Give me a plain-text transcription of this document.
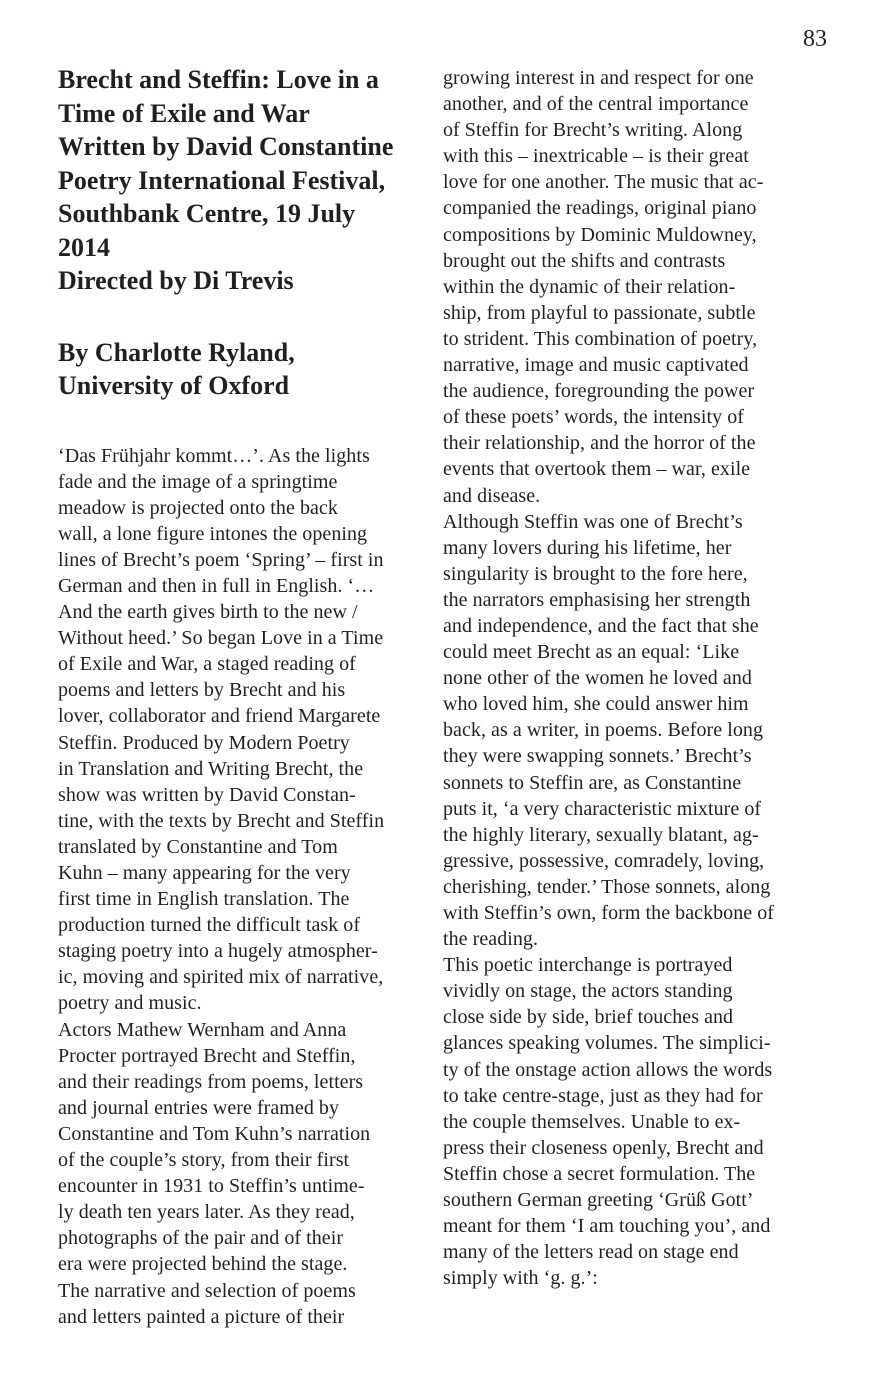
83
Brecht and Steffin: Love in a
Time of Exile and War
Written by David Constantine
Poetry International Festival,
Southbank Centre, 19 July
2014
Directed by Di Trevis
By Charlotte Ryland,
University of Oxford
‘Das Frühjahr kommt…’. As the lights
fade and the image of a springtime
meadow is projected onto the back
wall, a lone figure intones the opening
lines of Brecht’s poem ‘Spring’ – first in
German and then in full in English. ‘…
And the earth gives birth to the new /
Without heed.’ So began Love in a Time
of Exile and War, a staged reading of
poems and letters by Brecht and his
lover, collaborator and friend Margarete
Steffin. Produced by Modern Poetry
in Translation and Writing Brecht, the
show was written by David Constan-
tine, with the texts by Brecht and Steffin
translated by Constantine and Tom
Kuhn – many appearing for the very
first time in English translation. The
production turned the difficult task of
staging poetry into a hugely atmospher-
ic, moving and spirited mix of narrative,
poetry and music.
Actors Mathew Wernham and Anna
Procter portrayed Brecht and Steffin,
and their readings from poems, letters
and journal entries were framed by
Constantine and Tom Kuhn’s narration
of the couple’s story, from their first
encounter in 1931 to Steffin’s untime-
ly death ten years later. As they read,
photographs of the pair and of their
era were projected behind the stage.
The narrative and selection of poems
and letters painted a picture of their
growing interest in and respect for one
another, and of the central importance
of Steffin for Brecht’s writing. Along
with this – inextricable – is their great
love for one another. The music that ac-
companied the readings, original piano
compositions by Dominic Muldowney,
brought out the shifts and contrasts
within the dynamic of their relation-
ship, from playful to passionate, subtle
to strident. This combination of poetry,
narrative, image and music captivated
the audience, foregrounding the power
of these poets’ words, the intensity of
their relationship, and the horror of the
events that overtook them – war, exile
and disease.
Although Steffin was one of Brecht’s
many lovers during his lifetime, her
singularity is brought to the fore here,
the narrators emphasising her strength
and independence, and the fact that she
could meet Brecht as an equal: ‘Like
none other of the women he loved and
who loved him, she could answer him
back, as a writer, in poems. Before long
they were swapping sonnets.’ Brecht’s
sonnets to Steffin are, as Constantine
puts it, ‘a very characteristic mixture of
the highly literary, sexually blatant, ag-
gressive, possessive, comradely, loving,
cherishing, tender.’ Those sonnets, along
with Steffin’s own, form the backbone of
the reading.
This poetic interchange is portrayed
vividly on stage, the actors standing
close side by side, brief touches and
glances speaking volumes. The simplici-
ty of the onstage action allows the words
to take centre-stage, just as they had for
the couple themselves. Unable to ex-
press their closeness openly, Brecht and
Steffin chose a secret formulation. The
southern German greeting ‘Grüß Gott’
meant for them ‘I am touching you’, and
many of the letters read on stage end
simply with ‘g. g.’:
